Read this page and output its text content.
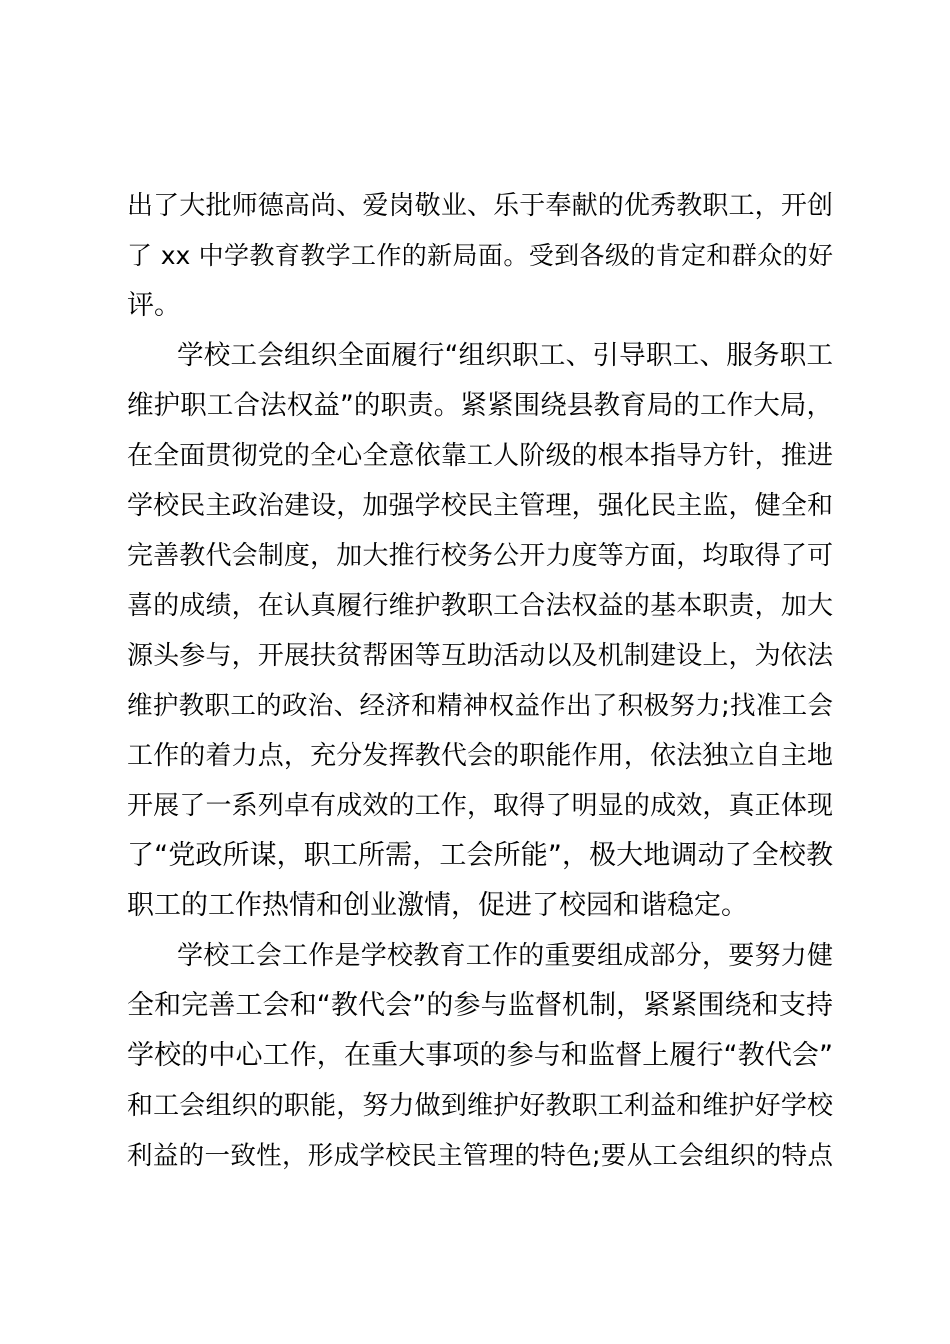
出了大批师德高尚、爱岗敬业、乐于奉献的优秀教职工，开创
了 xx 中学教育教学工作的新局面。受到各级的肯定和群众的好
评。
学校工会组织全面履行“组织职工、引导职工、服务职工
维护职工合法权益”的职责。紧紧围绕县教育局的工作大局，
在全面贯彻党的全心全意依靠工人阶级的根本指导方针，推进
学校民主政治建设，加强学校民主管理，强化民主监，健全和
完善教代会制度，加大推行校务公开力度等方面，均取得了可
喜的成绩，在认真履行维护教职工合法权益的基本职责，加大
源头参与，开展扶贫帮困等互助活动以及机制建设上，为依法
维护教职工的政治、经济和精神权益作出了积极努力;找准工会
工作的着力点，充分发挥教代会的职能作用，依法独立自主地
开展了一系列卓有成效的工作，取得了明显的成效，真正体现
了“党政所谋，职工所需，工会所能”，极大地调动了全校教
职工的工作热情和创业激情，促进了校园和谐稳定。
学校工会工作是学校教育工作的重要组成部分，要努力健
全和完善工会和“教代会”的参与监督机制，紧紧围绕和支持
学校的中心工作，在重大事项的参与和监督上履行“教代会”
和工会组织的职能，努力做到维护好教职工利益和维护好学校
利益的一致性，形成学校民主管理的特色;要从工会组织的特点
